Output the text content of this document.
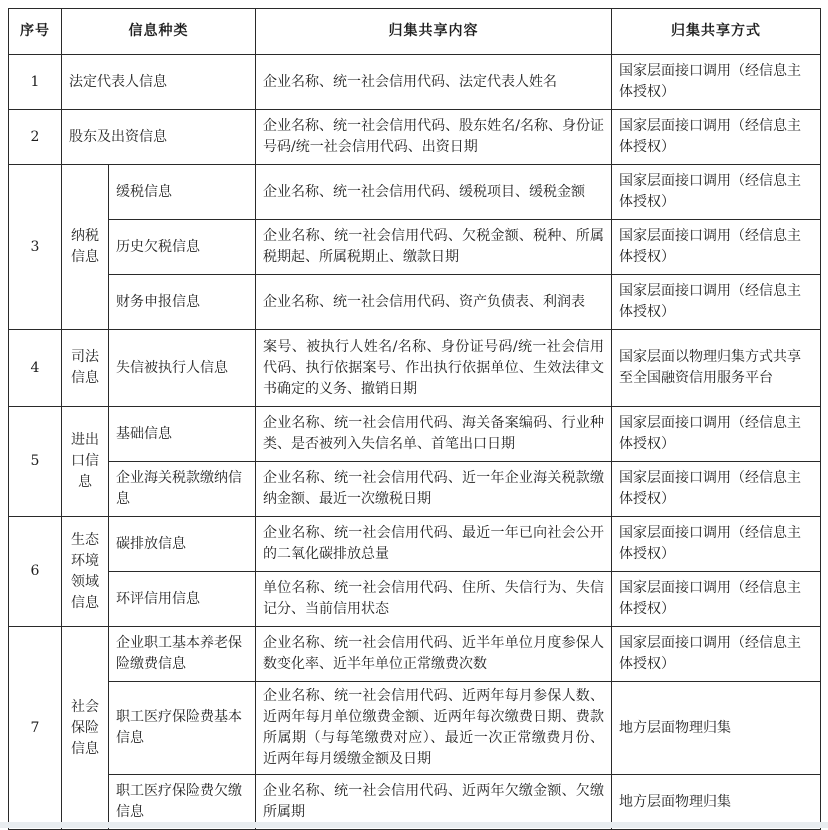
序号	信息种类		归集共享内容	归集共享方式
1	法定代表人信息		企业名称、统一社会信用代码、法定代表人姓名	国家层面接口调用（经信息主体授权）
2	股东及出资信息		企业名称、统一社会信用代码、股东姓名/名称、身份证号码/统一社会信用代码、出资日期	国家层面接口调用（经信息主体授权）
3	纳税信息	缓税信息	企业名称、统一社会信用代码、缓税项目、缓税金额	国家层面接口调用（经信息主体授权）
		历史欠税信息	企业名称、统一社会信用代码、欠税金额、税种、所属税期起、所属税期止、缴款日期	国家层面接口调用（经信息主体授权）
		财务申报信息	企业名称、统一社会信用代码、资产负债表、利润表	国家层面接口调用（经信息主体授权）
4	司法信息	失信被执行人信息	案号、被执行人姓名/名称、身份证号码/统一社会信用代码、执行依据案号、作出执行依据单位、生效法律文书确定的义务、撤销日期	国家层面以物理归集方式共享至全国融资信用服务平台
5	进出口信息	基础信息	企业名称、统一社会信用代码、海关备案编码、行业种类、是否被列入失信名单、首笔出口日期	国家层面接口调用（经信息主体授权）
		企业海关税款缴纳信息	企业名称、统一社会信用代码、近一年企业海关税款缴纳金额、最近一次缴税日期	国家层面接口调用（经信息主体授权）
6	生态环境领域信息	碳排放信息	企业名称、统一社会信用代码、最近一年已向社会公开的二氧化碳排放总量	国家层面接口调用（经信息主体授权）
		环评信用信息	单位名称、统一社会信用代码、住所、失信行为、失信记分、当前信用状态	国家层面接口调用（经信息主体授权）
7	社会保险信息	企业职工基本养老保险缴费信息	企业名称、统一社会信用代码、近半年单位月度参保人数变化率、近半年单位正常缴费次数	国家层面接口调用（经信息主体授权）
		职工医疗保险费基本信息	企业名称、统一社会信用代码、近两年每月参保人数、近两年每月单位缴费金额、近两年每次缴费日期、费款所属期（与每笔缴费对应）、最近一次正常缴费月份、近两年每月缓缴金额及日期	地方层面物理归集
		职工医疗保险费欠缴信息	企业名称、统一社会信用代码、近两年欠缴金额、欠缴所属期	地方层面物理归集
